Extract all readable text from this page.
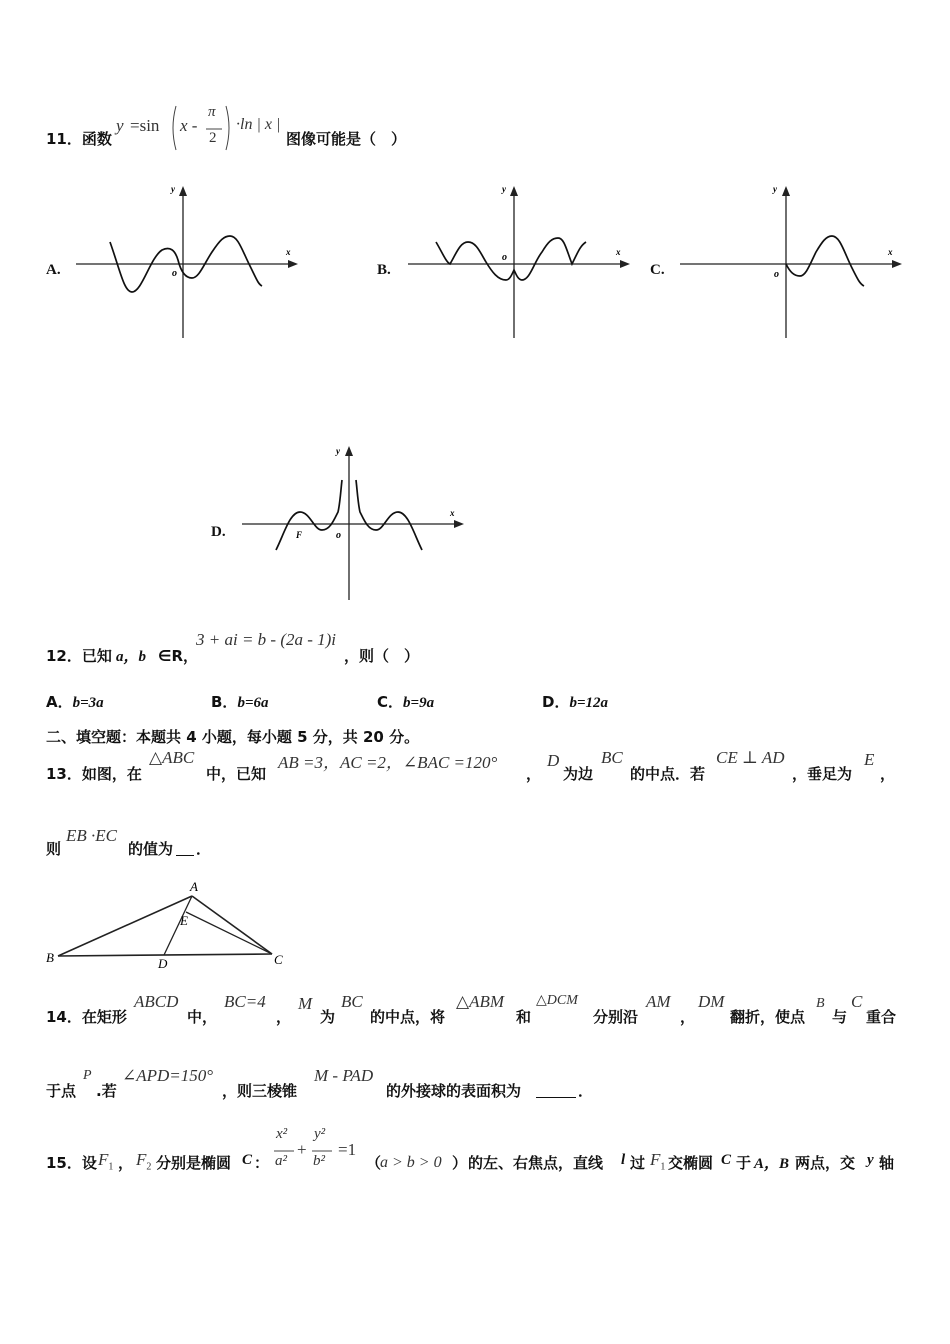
11．函数
y =sin x -
π
2
·ln | x |
图像可能是（　）
A.	B.	C.
D.
o
x
y
o	x
y
o
x
y
o
F
x
y
12．已知 a，b ∈R，
3 + ai = b - (2a - 1)i
，则（　）
A．b=3a	B．b=6a	C．b=9a	D．b=12a
二、填空题：本题共 4 小题，每小题 5 分，共 20 分。
13．如图，在
△ABC
中，已知
AB =3，AC =2，∠BAC =120°
，
D
为边
BC
的中点．若
CE ⊥ AD
，垂足为
E
，
则
EB ·EC
的值为 ．
A
B	C
D
E
14．在矩形
ABCD
中，
BC=4
，
M
为
BC
的中点，将
△ABM
和
△DCM
分别沿
AM
，
DM
翻折，使点
B
与
C
重合
于点
P
.若
∠APD=150°
，则三棱锥
M - PAD
的外接球的表面积为	．
15．设 $F_1$ ， $F_2$ 分别是椭圆 C ：
x²
a²
+
y²
b²
=1
（
a > b > 0 ） 的左、右焦点，直线 l 过 $F_1$ 交椭圆 C 于 A，B 两点，交 y 轴
